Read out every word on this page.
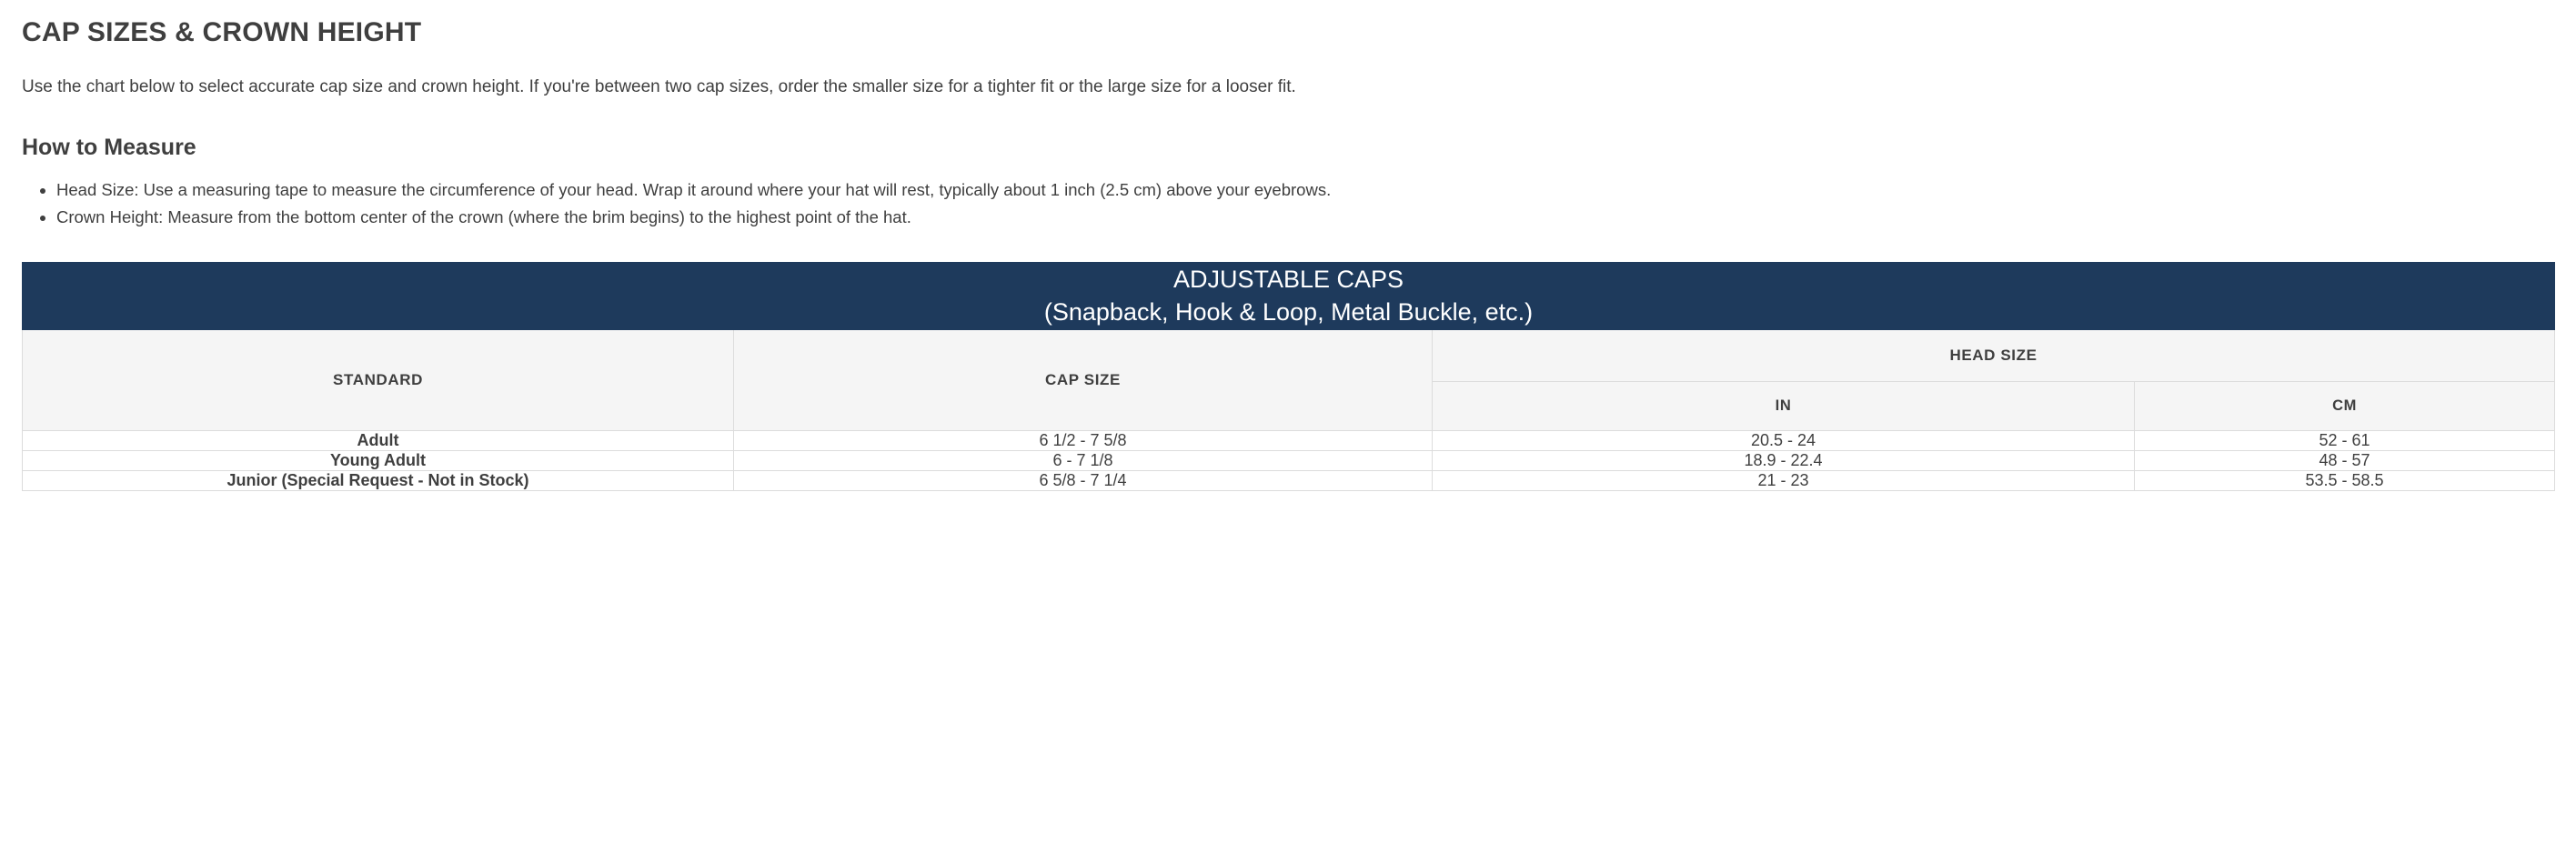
CAP SIZES & CROWN HEIGHT

Use the chart below to select accurate cap size and crown height. If you're between two cap sizes, order the smaller size for a tighter fit or the large size for a looser fit.

How to Measure
• Head Size: Use a measuring tape to measure the circumference of your head. Wrap it around where your hat will rest, typically about 1 inch (2.5 cm) above your eyebrows.
• Crown Height: Measure from the bottom center of the crown (where the brim begins) to the highest point of the hat.
ADJUSTABLE CAPS
(Snapback, Hook & Loop, Metal Buckle, etc.)			

STANDARD	CAP SIZE	HEAD SIZE	
		IN	CM
Adult	6 1/2 - 7 5/8	20.5 - 24	52 - 61
Young Adult	6 - 7 1/8	18.9 - 22.4	48 - 57
Junior (Special Request - Not in Stock)	6 5/8 - 7 1/4	21 - 23	53.5 - 58.5
